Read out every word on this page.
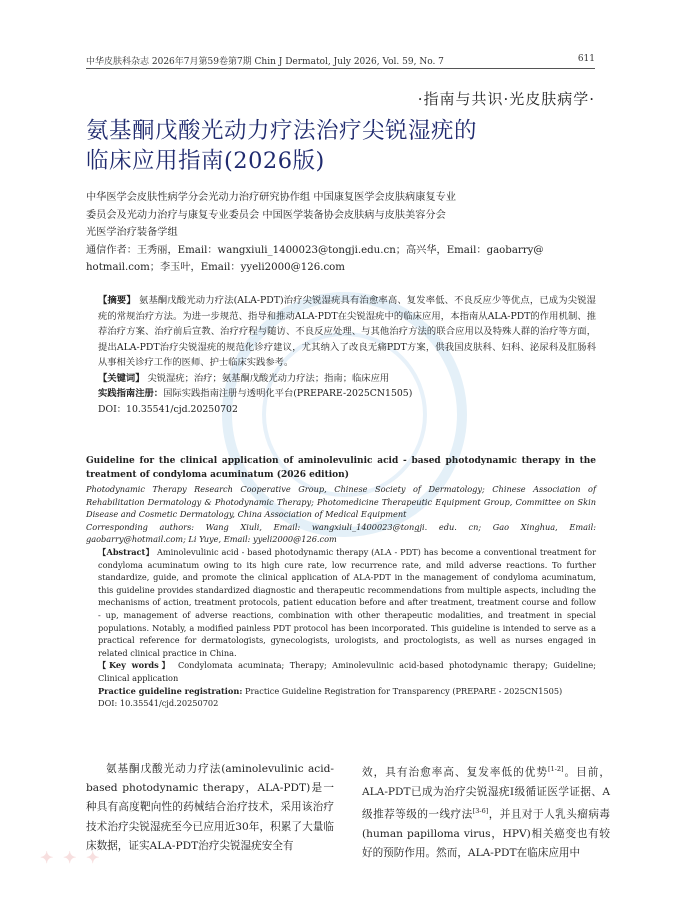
中华皮肤科杂志 2026年7月第59卷第7期 Chin J Dermatol, July 2026, Vol. 59, No. 7	611
·指南与共识·光皮肤病学·
氨基酮戊酸光动力疗法治疗尖锐湿疣的
临床应用指南(2026版)
中华医学会皮肤性病学分会光动力治疗研究协作组 中国康复医学会皮肤病康复专业
委员会及光动力治疗与康复专业委员会 中国医学装备协会皮肤病与皮肤美容分会
光医学治疗装备学组
通信作者：王秀丽，Email：wangxiuli_1400023@tongji.edu.cn；高兴华，Email：gaobarry@
hotmail.com；李玉叶，Email：yyeli2000@126.com
【摘要】 氨基酮戊酸光动力疗法(ALA-PDT)治疗尖锐湿疣具有治愈率高、复发率低、不良反应少等优点，已成为尖锐湿疣的常规治疗方法。为进一步规范、指导和推动ALA-PDT在尖锐湿疣中的临床应用，本指南从ALA-PDT的作用机制、推荐治疗方案、治疗前后宣教、治疗疗程与随访、不良反应处理、与其他治疗方法的联合应用以及特殊人群的治疗等方面，提出ALA-PDT治疗尖锐湿疣的规范化诊疗建议，尤其纳入了改良无痛PDT方案，供我国皮肤科、妇科、泌尿科及肛肠科从事相关诊疗工作的医师、护士临床实践参考。
【关键词】 尖锐湿疣；治疗；氨基酮戊酸光动力疗法；指南；临床应用
实践指南注册：国际实践指南注册与透明化平台(PREPARE-2025CN1505)
DOI：10.35541/cjd.20250702
Guideline for the clinical application of aminolevulinic acid - based photodynamic therapy in the treatment of condyloma acuminatum (2026 edition)
Photodynamic Therapy Research Cooperative Group, Chinese Society of Dermatology; Chinese Association of Rehabilitation Dermatology & Photodynamic Therapy; Photomedicine Therapeutic Equipment Group, Committee on Skin Disease and Cosmetic Dermatology, China Association of Medical Equipment
Corresponding authors: Wang Xiuli, Email: wangxiuli_1400023@tongji. edu. cn; Gao Xinghua, Email: gaobarry@hotmail.com; Li Yuye, Email: yyeli2000@126.com
【Abstract】 Aminolevulinic acid - based photodynamic therapy (ALA - PDT) has become a conventional treatment for condyloma acuminatum owing to its high cure rate, low recurrence rate, and mild adverse reactions. To further standardize, guide, and promote the clinical application of ALA-PDT in the management of condyloma acuminatum, this guideline provides standardized diagnostic and therapeutic recommendations from multiple aspects, including the mechanisms of action, treatment protocols, patient education before and after treatment, treatment course and follow - up, management of adverse reactions, combination with other therapeutic modalities, and treatment in special populations. Notably, a modified painless PDT protocol has been incorporated. This guideline is intended to serve as a practical reference for dermatologists, gynecologists, urologists, and proctologists, as well as nurses engaged in related clinical practice in China.
【Key words】 Condylomata acuminata; Therapy; Aminolevulinic acid-based photodynamic therapy; Guideline; Clinical application
Practice guideline registration: Practice Guideline Registration for Transparency (PREPARE - 2025CN1505)
DOI: 10.35541/cjd.20250702
氨基酮戊酸光动力疗法(aminolevulinic acid-based photodynamic therapy，ALA-PDT)是一种具有高度靶向性的药械结合治疗技术，采用该治疗技术治疗尖锐湿疣至今已应用近30年，积累了大量临床数据，证实ALA-PDT治疗尖锐湿疣安全有
效，具有治愈率高、复发率低的优势[1-2]。目前，ALA-PDT已成为治疗尖锐湿疣Ⅰ级循证医学证据、A级推荐等级的一线疗法[3-6]，并且对于人乳头瘤病毒(human papilloma virus，HPV)相关癌变也有较好的预防作用。然而，ALA-PDT在临床应用中
✦ ✦ ✦
